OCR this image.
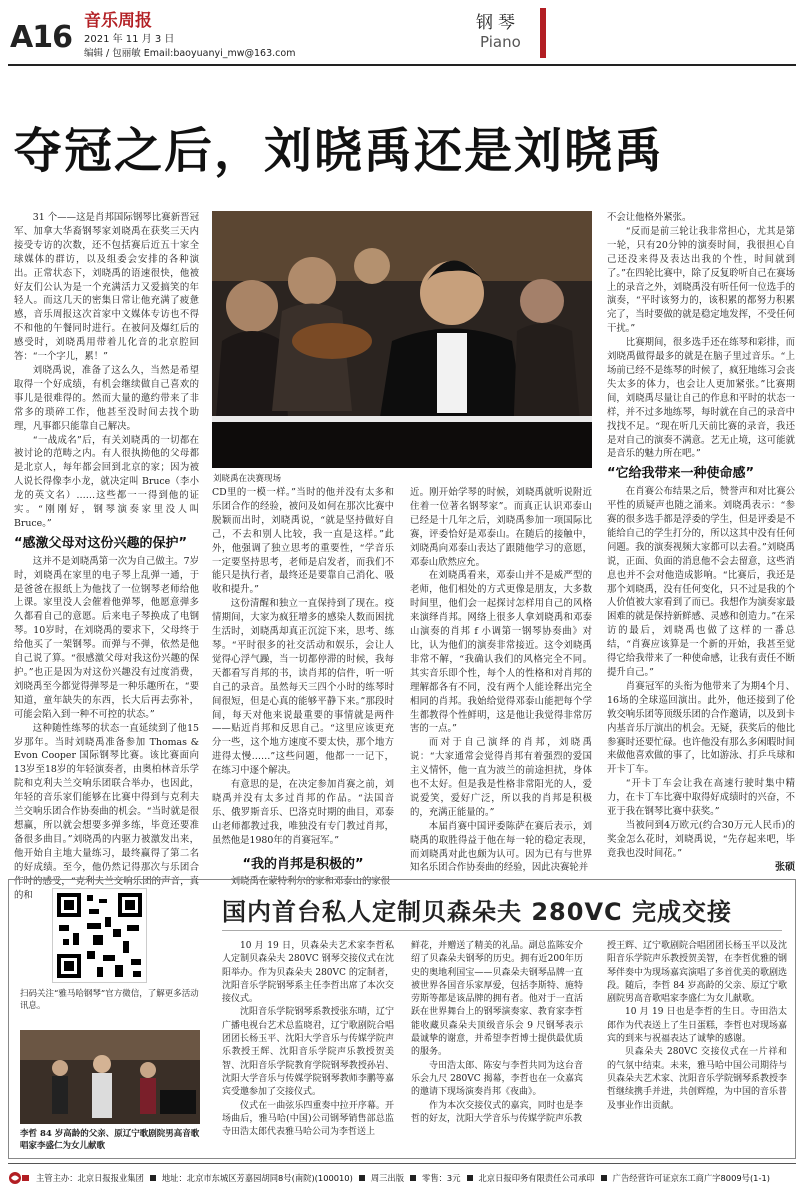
A16 音乐周报
2021 年 11 月 3 日
编辑 / 包丽敏 Email:baoyuanyi_mw@163.com
钢琴
Piano
夺冠之后，刘晓禹还是刘晓禹
刘晓禹在决赛现场

31 个——这是肖邦国际钢琴比赛新晋冠军、加拿大华裔钢琴家刘晓禹在获奖三天内接受专访的次数，还不包括赛后近五十家全球媒体的群访，以及组委会安排的各种演出。正常状态下，刘晓禹的语速很快，他被好友们公认为是一个充满活力又爱搞笑的年轻人。而这几天的密集日常让他充满了疲惫感，音乐周报这次首家中文媒体专访也不得不和他的午餐同时进行。在被问及爆红后的感受时，刘晓禹用带着儿化音的北京腔回答：“一个字儿，累！”

刘晓禹说，准备了这么久，当然是希望取得一个好成绩，有机会继续做自己喜欢的事儿是很难得的。然而大量的邀约带来了非常多的琐碎工作，他甚至没时间去找个助理，凡事都只能靠自己解决。

“一战成名”后，有关刘晓禹的一切都在被讨论的范畴之内。有人很执拗他的父母都是北京人，每年都会回到北京的家；因为被人说长得像李小龙，就决定叫 Bruce（李小龙的英文名）……这些都一一得到他的证实。“刚刚好，钢琴演奏家里没人叫 Bruce。”

“感激父母对这份兴趣的保护”

这并不是刘晓禹第一次为自己做主。7岁时，刘晓禹在家里的电子琴上乱弹一通，于是爸爸在报纸上为他找了一位钢琴老师给他上课。家里没人会催着他弹琴，他愿意弹多久都看自己的意愿。后来电子琴换成了电钢琴。10岁时，在刘晓禹的要求下，父母终于给他买了一架钢琴。而弹与不弹，依然是他自己说了算。“很感激父母对我这份兴趣的保护。”也正是因为对这份兴趣没有过度消费，刘晓禹至今都觉得弹琴是一种乐趣所在，“要知道，童年缺失的东西，长大后再去弥补，可能会陷入到一种不可控的状态。”

这种随性练琴的状态一直延续到了他15岁那年。当时刘晓禹准备参加 Thomas & Evon Cooper 国际钢琴比赛。该比赛面向13岁至18岁的年轻演奏者，由奥柏林音乐学院和克利夫兰交响乐团联合举办，也因此，年轻的音乐家们能够在比赛中得到与克利夫兰交响乐团合作协奏曲的机会。“当时就是很想赢，所以就会想要多弹多练，毕竟还要准备很多曲目。”刘晓禹的内驱力被激发出来，他开始自主地大量练习，最终赢得了第二名的好成绩。至今，他仍然记得那次与乐团合作时的感受，“克利夫兰交响乐团的声音，真的和

CD里的一模一样。”当时的他并没有太多和乐团合作的经验，被问及如何在那次比赛中脱颖而出时，刘晓禹说，“就是坚持做好自己，不去和别人比较，我一直是这样。”此外，他强调了独立思考的重要性，“学音乐一定要坚持思考，老师是启发者，而我们不能只是执行者，最终还是要靠自己消化、吸收和提升。”

这份清醒和独立一直保持到了现在。疫情期间，大家为疯狂增多的感染人数而困扰生活时，刘晓禹却真正沉淀下来，思考、练琴。“平时很多的社交活动和娱乐，会让人觉得心浮气躁，当一切都停滞的时候，我每天都看写肖邦的书，读肖邦的信件，听一听自己的录音。虽然每天三四个小时的练琴时间很短，但是心真的能够平静下来。”那段时间，每天对他来说最重要的事情就是两件——贴近肖邦和反思自己。“这里应该更充分一些，这个地方速度不要太快，那个地方进得太慢……”这些问题，他都一一记下，在练习中逐个解决。

有意思的是，在决定参加肖赛之前，刘晓禹并没有太多过肖邦的作品。“法国音乐、俄罗斯音乐、巴洛克时期的曲目，邓泰山老师都教过我，唯独没有专门教过肖邦，虽然他是1980年的肖赛冠军。”

“我的肖邦是积极的”

刘晓禹在蒙特利尔的家和邓泰山的家很

近。刚开始学琴的时候，刘晓禹就听说附近住着一位著名钢琴家”。而真正认识邓泰山已经是十几年之后，刘晓禹参加一项国际比赛，评委恰好是邓泰山。在随后的接触中，刘晓禹向邓泰山表达了跟随他学习的意愿，邓泰山欣然应允。

在刘晓禹看来，邓泰山并不是威严型的老师，他们相处的方式更像是朋友，大多数时间里，他们会一起探讨怎样用自己的风格来演绎肖邦。网络上很多人拿刘晓禹和邓泰山演奏的肖邦 f 小调第一钢琴协奏曲》对比，认为他们的演奏非常接近。这令刘晓禹非常不解，“我确认我们的风格完全不同。其实音乐即个性，每个人的性格和对肖邦的理解都各有不同，没有两个人能诠释出完全相同的肖邦。我始给觉得邓泰山能把每个学生都教得个性鲜明，这是他让我觉得非常厉害的一点。”

而对于自己演绎的肖邦，刘晓禹说：“大家通常会觉得肖邦有着强烈的爱国主义情怀，他一直为波兰的前途担扰，身体也不太好。但是我是性格非常阳光的人，爱说爱笑，爱好广泛，所以我的肖邦是积极的，充满正能量的。”

本届肖赛中国评委陈萨在赛后表示，刘晓禹的取胜得益于他在每一轮的稳定表现，而刘晓禹对此也颇为认可。因为已有与世界知名乐团合作协奏曲的经验，因此决赛轮并

不会让他格外紧张。

“反而是前三轮让我非常担心，尤其是第一轮，只有20分钟的演奏时间，我很担心自己还没来得及表达出我的个性，时间就到了。”在四轮比赛中，除了反复聆听自己在赛场上的录音之外，刘晓禹没有听任何一位选手的演奏，“平时该努力的，该积累的都努力积累完了，当时要做的就是稳定地发挥，不受任何干扰。”

比赛期间，很多选手还在练琴和彩排，而刘晓禹做得最多的就是在脑子里过音乐。“上场前已经不是练琴的时候了，疯狂地练习会丧失太多的体力，也会让人更加紧张。”比赛期间，刘晓禹尽量让自己的作息和平时的状态一样，并不过多地练琴，每时就在自己的录音中找找不足。“现在听几天前比赛的录音，我还是对自己的演奏不满意。艺无止境，这可能就是音乐的魅力所在吧。”

“它给我带来一种使命感”

在肖赛公布结果之后，赞誉声和对比赛公平性的质疑声也随之涌来。刘晓禹表示：“参赛的很多选手都是浮委的学生，但是评委是不能给自己的学生打分的，所以这其中没有任何问题。我的演奏视频大家都可以去看。”刘晓禹说，正面、负面的消息他不会去留意，这些消息也并不会对他造成影响。“比赛后，我还是那个刘晓禹，没有任何变化，只不过是我的个人价值被大家看到了而已。我想作为演奏家最困难的就是保持新鲜感、灵感和创造力。”在采访的最后，刘晓禹也做了这样的一番总结，“肖赛应该算是一个新的开始，我甚至觉得它给我带来了一种使命感，让我有责任不断提升自己。”

肖赛冠军的头衔为他带来了为期4个月、16场的全球巡回演出。此外，他还接到了伦敦交响乐团等顶级乐团的合作邀请，以及到卡内基音乐厅演出的机会。无疑，获奖后的他比参赛时还要忙碌。也许他没有那么多闲暇时间来做他喜欢做的事了，比如游泳、打乒乓球和开卡丁车。

“开卡丁车会让我在高速行驶时集中精力，在卡丁车比赛中取得好成绩时的兴奋，不亚于我在钢琴比赛中获奖。”

当被问到4万欧元(约合30万元人民币)的奖金怎么花时，刘晓禹说，“先存起来吧，毕竟我也没时间花。”

张硕
扫码关注“雅马哈钢琴”官方微信，了解更多活动讯息。
李哲 84 岁高龄的父亲、原辽宁歌剧院男高音歌唱家李盛仁为女儿献歌
国内首台私人定制贝森朵夫 280VC 完成交接

10 月 19 日，贝森朵夫艺术家李哲私人定制贝森朵夫 280VC 钢琴交接仪式在沈阳举办。作为贝森朵夫 280VC 的定制者，沈阳音乐学院钢琴系主任李哲出席了本次交接仪式。

沈阳音乐学院钢琴系教授张东晴，辽宁广播电视台艺术总监晓君，辽宁歌剧院合唱团团长杨玉平、沈阳大学音乐与传媒学院声乐教授王辉、沈阳音乐学院声乐教授贺美智、沈阳音乐学院教育学院钢琴教授孙岩、沈阳大学音乐与传媒学院钢琴教师李鹏等嘉宾受邀参加了交接仪式。

仪式在一曲弦乐四重奏中拉开序幕。开场曲后，雅马哈(中国)公司钢琴销售部总监寺田浩太郎代表雅马哈公司为李哲送上

鲜花，并赠送了精美的礼品。副总监陈安介绍了贝森朵夫钢琴的历史。拥有近200年历史的奥地利国宝——贝森朵夫钢琴品牌一直被世界各国音乐家厚爱，包括李斯特、施特劳斯等都是该品牌的拥有者。他对于一直活跃在世界舞台上的钢琴演奏家、教育家李哲能收藏贝森朵夫顶级音乐会 9 尺钢琴表示最诚挚的谢意，并希望李哲博士提供最优质的服务。

寺田浩太郎、陈安与李哲共同为这台音乐会九尺 280VC 揭幕，李哲也在一众嘉宾的邀请下现场演奏肖邦《夜曲》。

作为本次交接仪式的嘉宾，同时也是李哲的好友，沈阳大学音乐与传媒学院声乐教

授王辉、辽宁歌剧院合唱团团长杨玉平以及沈阳音乐学院声乐教授贺美智，在李哲优雅的钢琴伴奏中为现场嘉宾演唱了多首优美的歌剧选段。随后，李哲 84 岁高龄的父亲、原辽宁歌剧院男高音歌唱家李盛仁为女儿献歌。

10 月 19 日也是李哲的生日。寺田浩太郎作为代表送上了生日蛋糕，李哲也对现场嘉宾的到来与祝福表达了诚挚的感谢。

贝森朵夫 280VC 交接仪式在一片祥和的气氛中结束。未来，雅马哈中国公司期待与贝森朵夫艺术家、沈阳音乐学院钢琴系教授李哲继续携手并进，共创辉煌，为中国的音乐普及事业作出贡献。

主管主办：北京日报报业集团 地址：北京市东城区芳嘉园胡同8号(南院)(100010) 周三出版 零售：3元 北京日报印务有限责任公司承印 广告经营许可证京东工商广字8009号(1-1)
